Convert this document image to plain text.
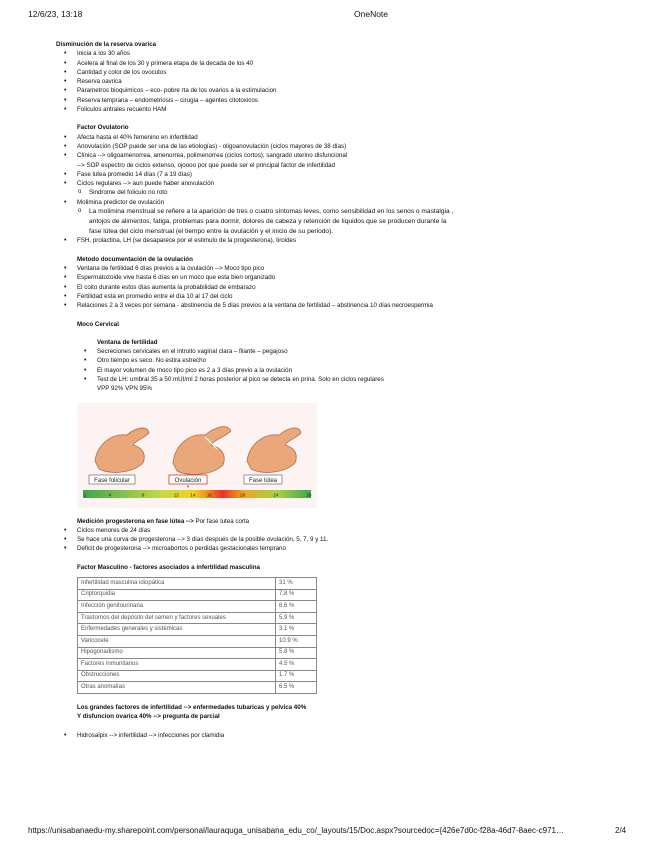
12/6/23, 13:18	OneNote

Disminución de la reserva ovarica

• Inicia a los 30 años
• Acelera al final de los 30 y primera etapa de la decada de los 40
• Cantidad y color de los ovocutos
• Reserva oavrica
• Parametros bioquimicos – eco- pobre rta de los ovarios a la estimulacion
• Reserva temprana – endometriosis – cirugia – agentes citotoxicos
• Foliculos antrales recuento HAM

Factor Ovulatorio

• Afecta hasta el 40% femenino en infertilidad
• Anovulación (SOP puede ser una de las etiologías) - oligoanovulación (ciclos mayores de 38 días)
• Clínica --> oligoamenorrea, amenorrea, polimenorrea (ciclos cortos), sangrado uterino disfuncional
• --> SOP espectro de ciclos extenso, ojoooo por que puede ser el principal factor de infertilidad
• Fase lutea promedio 14 días (7 a 19 días)
• Ciclos regulares --> aun puede haber anovulación
o Sindrome del foliculo no roto
• Molimina predictor de ovulación
o La molimina menstrual se refiere a la aparición de tres o cuatro síntomas leves, como sensibilidad en los senos o mastalgia , antojos de alimentos, fatiga, problemas para dormir, dolores de cabeza y retención de líquidos que se producen durante la fase lútea del ciclo menstrual (el tiempo entre la ovulación y el inicio de su periodo).
• FSH, prolactina, LH (se desaparece por el estimulo de la progesterona), tiroides

Metodo documentación de la ovulación

• Ventana de fertilidad 6 días previos a la ovulación --> Moco tipo pico
• Espermatozoide vive hasta 6 días en un moco que esta bien organizado
• El coito durante estos días aumenta la probabilidad de embarazo
• Fertilidad esta en promedio entre el día 10 al 17 del ciclo
• Relaciones 2 a 3 veces por semana - abstinencia de 5 días previos a la ventana de fertilidad – abstinencia 10 días necroespermia

Moco Cervical

Ventana de fertilidad

• Secreciones cervicales en el introito vaginal clara – filante – pegajoso
• Otro tiempo es seco. No estira estrecho
• El mayor volumen de moco tipo pico es 2 a 3 días previo a la ovulación
• Test de LH: umbral 35 a 50 mUI/ml 2 horas posterior al pico se detecta en prina. Solo en ciclos regulares VPP 92% VPN 95%
Fase folicular	Ovulación	Fase lútea
▼
1	4	8	12	14	16	20	24	28

Medición progesterona en fase lútea --> Por fase lutea corta

• Ciclos menores de 24 días
• Se hace una curva de progesterona --> 3 días después de la posible ovulación, 5, 7, 9 y 11.
• Deficit de progesterona --> microabortos o perdidas gestacionales temprano

Factor Masculino - factores asociados a infertilidad masculina

Infertilidad masculina idiopática	31 %
Criptorquidia	7.8 %
Infección genitourinaria	6.6 %
Trastornos del depósito del semen y factores sexuales	5.9 %
Enfermedades generales y sistémicas	3.1 %
Varicocele	10.9 %
Hipogonadismo	5.8 %
Factores inmunitarios	4.5 %
Obstrucciones	1.7 %
Otras anomalías	6.5 %

Los grandes factores de infertilidad --> enfermedades tubaricas y pelvica 40%

Y disfuncion ovarica 40% --> pregunta de parcial

• Hidrosalpix --> infertilidad --> infecciones por clamidia
https://unisabanaedu-my.sharepoint.com/personal/lauraquga_unisabana_edu_co/_layouts/15/Doc.aspx?sourcedoc={426e7d0c-f28a-46d7-8aec-c971…	2/4
